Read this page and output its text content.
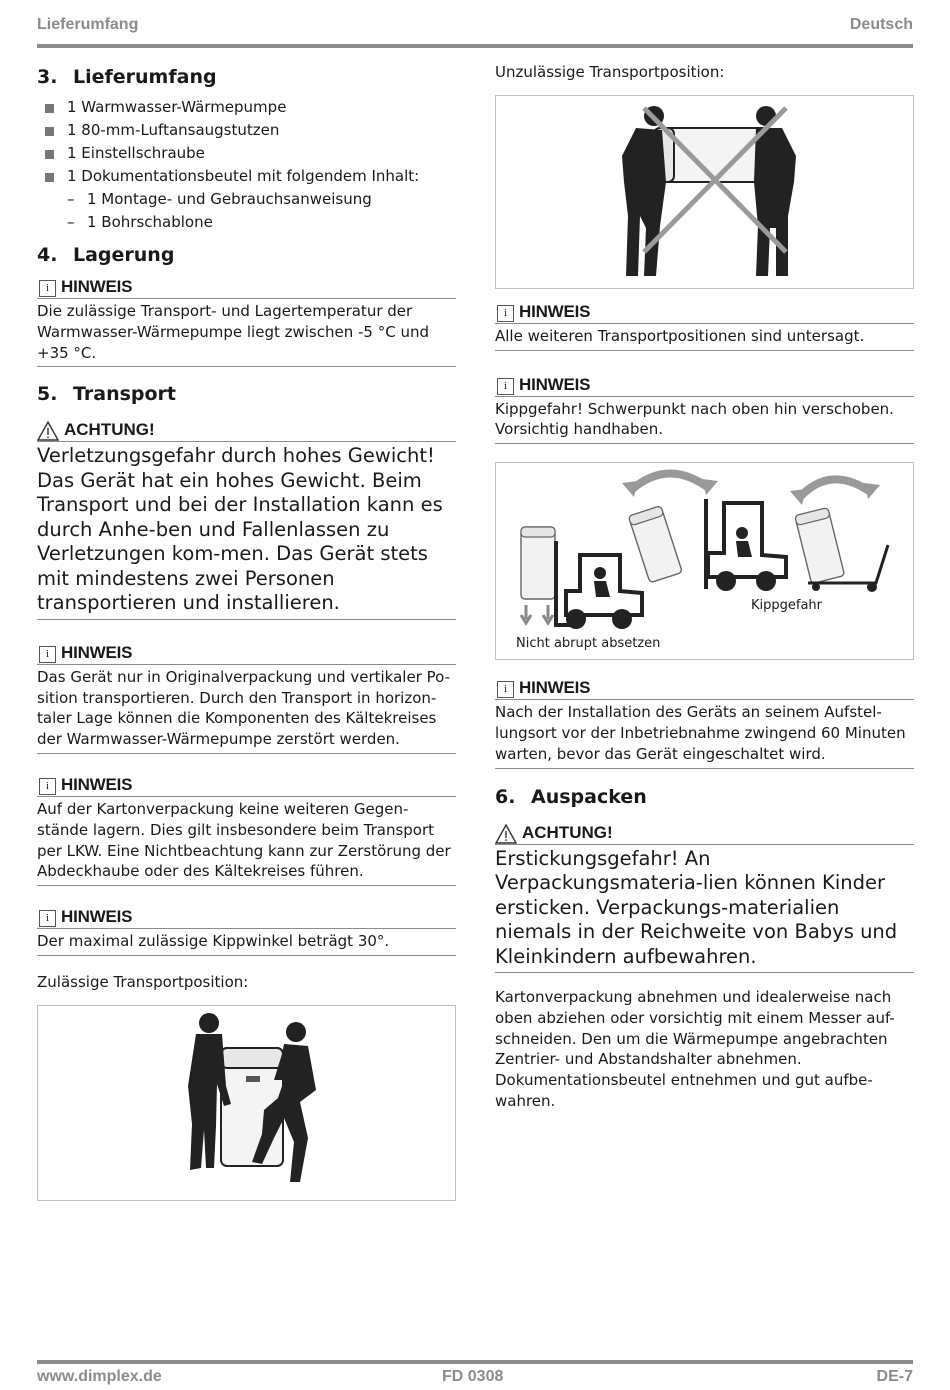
Lieferumfang	Deutsch
3. Lieferumfang
1 Warmwasser-Wärmepumpe
1 80-mm-Luftansaugstutzen
1 Einstellschraube
1 Dokumentationsbeutel mit folgendem Inhalt:
– 1 Montage- und Gebrauchsanweisung
– 1 Bohrschablone
4. Lagerung
i HINWEIS

Die zulässige Transport- und Lagertemperatur der Warmwasser-Wärmepumpe liegt zwischen -5 °C und +35 °C.

5. Transport
ACHTUNG!

Verletzungsgefahr durch hohes Gewicht! Das Gerät hat ein hohes Gewicht. Beim Transport und bei der Installation kann es durch Anhe-ben und Fallenlassen zu Verletzungen kom-men. Das Gerät stets mit mindestens zwei Personen transportieren und installieren.

i HINWEIS

Das Gerät nur in Originalverpackung und vertikaler Po-sition transportieren. Durch den Transport in horizon-taler Lage können die Komponenten des Kältekreises der Warmwasser-Wärmepumpe zerstört werden.

i HINWEIS

Auf der Kartonverpackung keine weiteren Gegen-stände lagern. Dies gilt insbesondere beim Transport per LKW. Eine Nichtbeachtung kann zur Zerstörung der Abdeckhaube oder des Kältekreises führen.

i HINWEIS

Der maximal zulässige Kippwinkel beträgt 30°.

Zulässige Transportposition:

Unzulässige Transportposition:

i HINWEIS

Alle weiteren Transportpositionen sind untersagt.

i HINWEIS

Kippgefahr! Schwerpunkt nach oben hin verschoben. Vorsichtig handhaben.

Nicht abrupt absetzen
Kippgefahr
i HINWEIS

Nach der Installation des Geräts an seinem Aufstel-lungsort vor der Inbetriebnahme zwingend 60 Minuten warten, bevor das Gerät eingeschaltet wird.

6. Auspacken
ACHTUNG!

Erstickungsgefahr! An Verpackungsmateria-lien können Kinder ersticken. Verpackungs-materialien niemals in der Reichweite von Babys und Kleinkindern aufbewahren.

Kartonverpackung abnehmen und idealerweise nach oben abziehen oder vorsichtig mit einem Messer auf-schneiden. Den um die Wärmepumpe angebrachten Zentrier- und Abstandshalter abnehmen. Dokumentationsbeutel entnehmen und gut aufbe-wahren.

www.dimplex.de	FD 0308	DE-7
